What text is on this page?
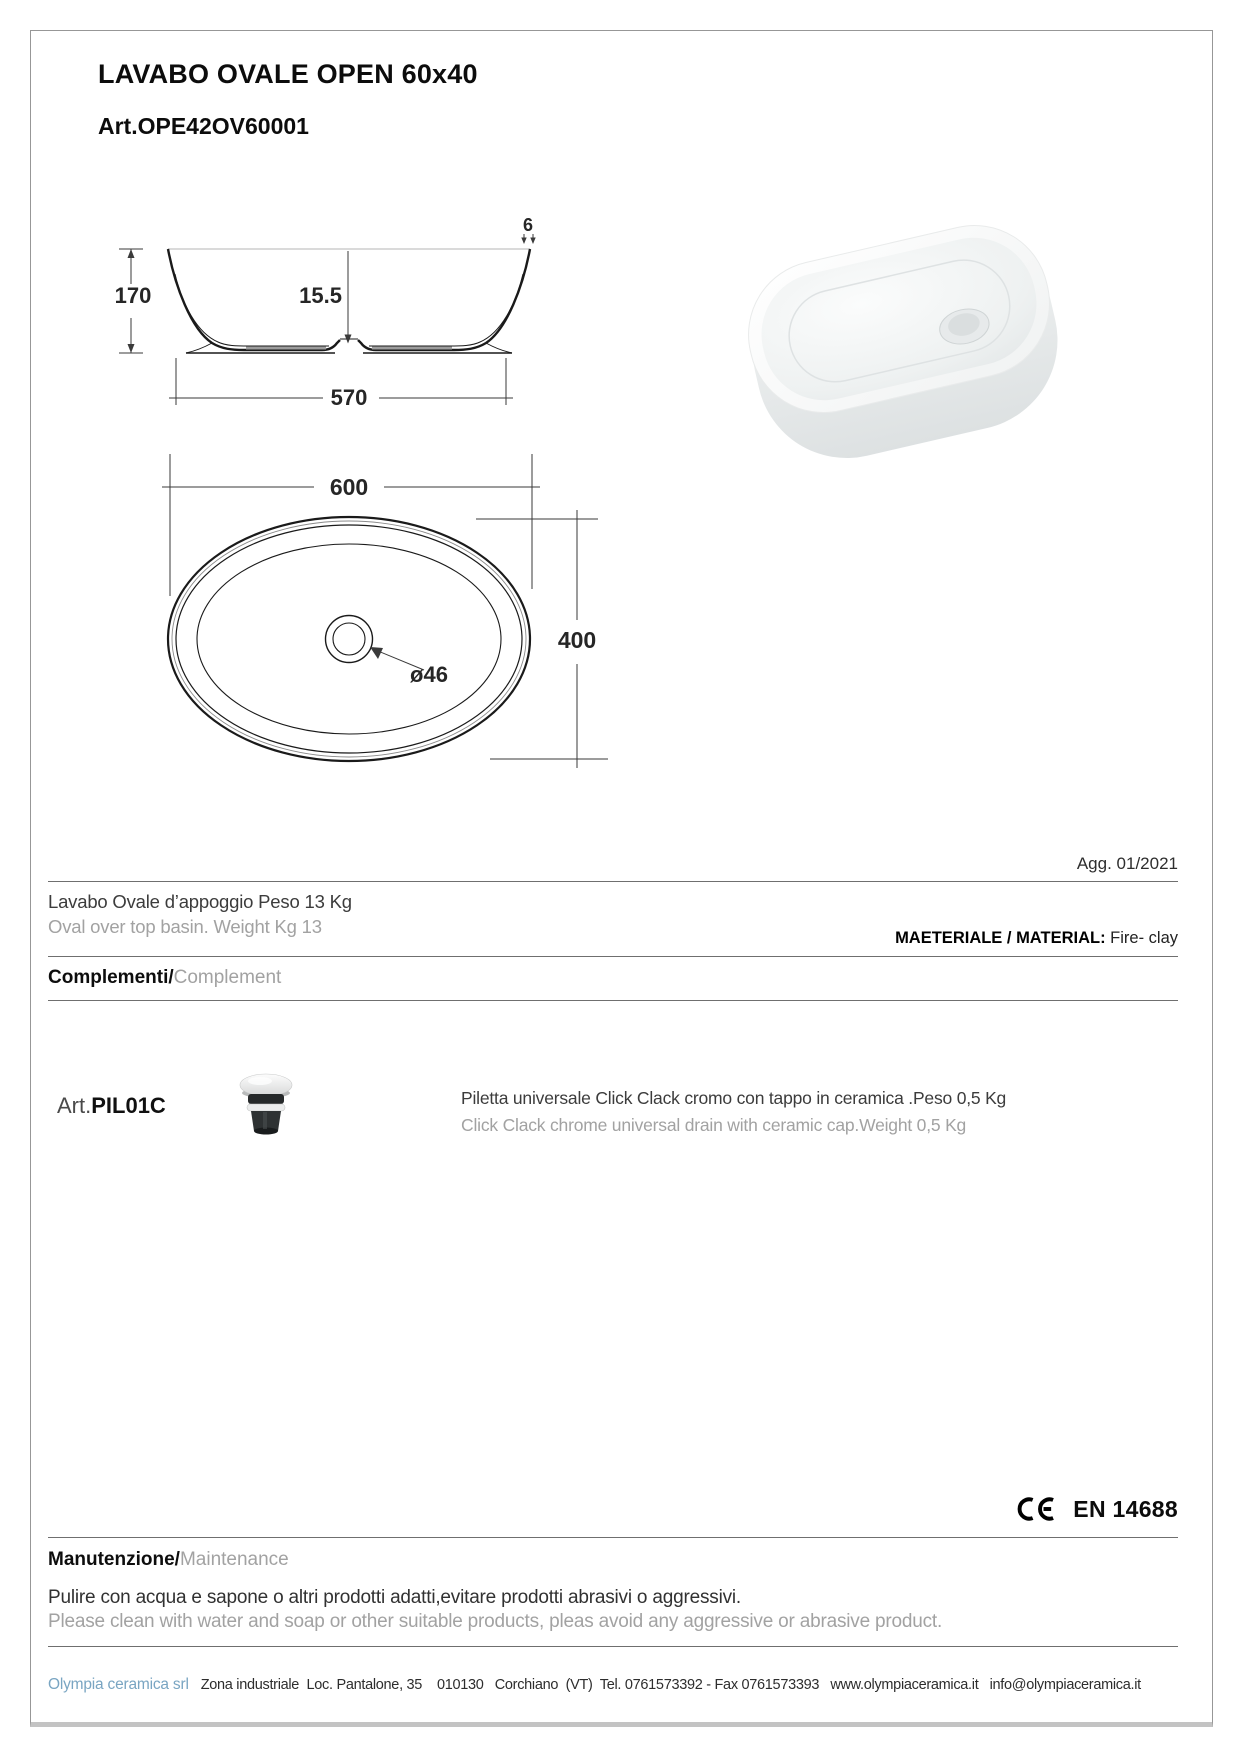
LAVABO OVALE OPEN 60x40
Art.OPE42OV60001
170	15.5
6
570
600
400
ø46
Agg. 01/2021
Lavabo Ovale d’appoggio Peso 13 Kg
Oval over top basin. Weight Kg 13
MAETERIALE / MATERIAL: Fire- clay
Complementi/Complement
Art.PIL01C	Piletta universale Click Clack cromo con tappo in ceramica .Peso 0,5 Kg
Click Clack chrome universal drain with ceramic cap.Weight 0,5 Kg
EN 14688
Manutenzione/Maintenance
Pulire con acqua e sapone o altri prodotti adatti,evitare prodotti abrasivi o aggressivi.
Please clean with water and soap or other suitable products, pleas avoid any aggressive or abrasive product.
Olympia ceramica srl Zona industriale  Loc. Pantalone, 35    010130   Corchiano  (VT)  Tel. 0761573392 - Fax 0761573393   www.olympiaceramica.it   info@olympiaceramica.it
